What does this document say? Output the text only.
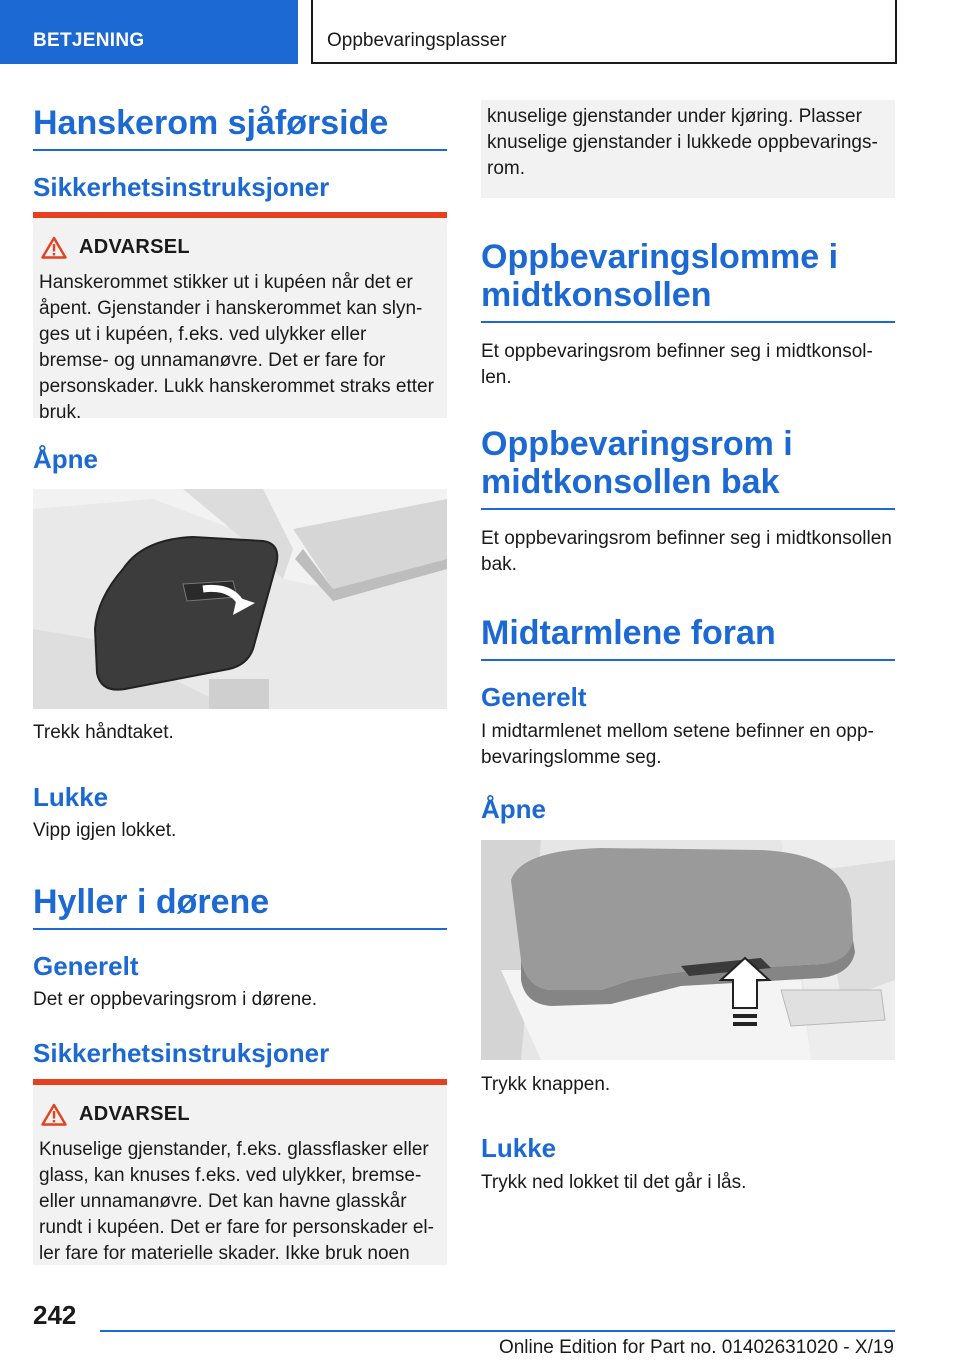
BETJENING	Oppbevaringsplasser
Hanskerom sjåførside
Sikkerhetsinstruksjoner
ADVARSEL
Hanskerommet stikker ut i kupéen når det er åpent. Gjenstander i hanskerommet kan slynges ut i kupéen, f.eks. ved ulykker eller bremse- og unnamanøvre. Det er fare for personskader. Lukk hanskerommet straks etter bruk.
Åpne
Trekk håndtaket.
Lukke
Vipp igjen lokket.
Hyller i dørene
Generelt
Det er oppbevaringsrom i dørene.
Sikkerhetsinstruksjoner
ADVARSEL
Knuselige gjenstander, f.eks. glassflasker eller glass, kan knuses f.eks. ved ulykker, bremse- eller unnamanøvre. Det kan havne glasskår rundt i kupéen. Det er fare for personskader eller fare for materielle skader. Ikke bruk noen
knuselige gjenstander under kjøring. Plasser knuselige gjenstander i lukkede oppbevaringsrom.
Oppbevaringslomme i midtkonsollen
Et oppbevaringsrom befinner seg i midtkonsollen.
Oppbevaringsrom i midtkonsollen bak
Et oppbevaringsrom befinner seg i midtkonsollen bak.
Midtarmlene foran
Generelt
I midtarmlenet mellom setene befinner en oppbevaringslomme seg.
Åpne
Trykk knappen.
Lukke
Trykk ned lokket til det går i lås.
242
Online Edition for Part no. 01402631020 - X/19
